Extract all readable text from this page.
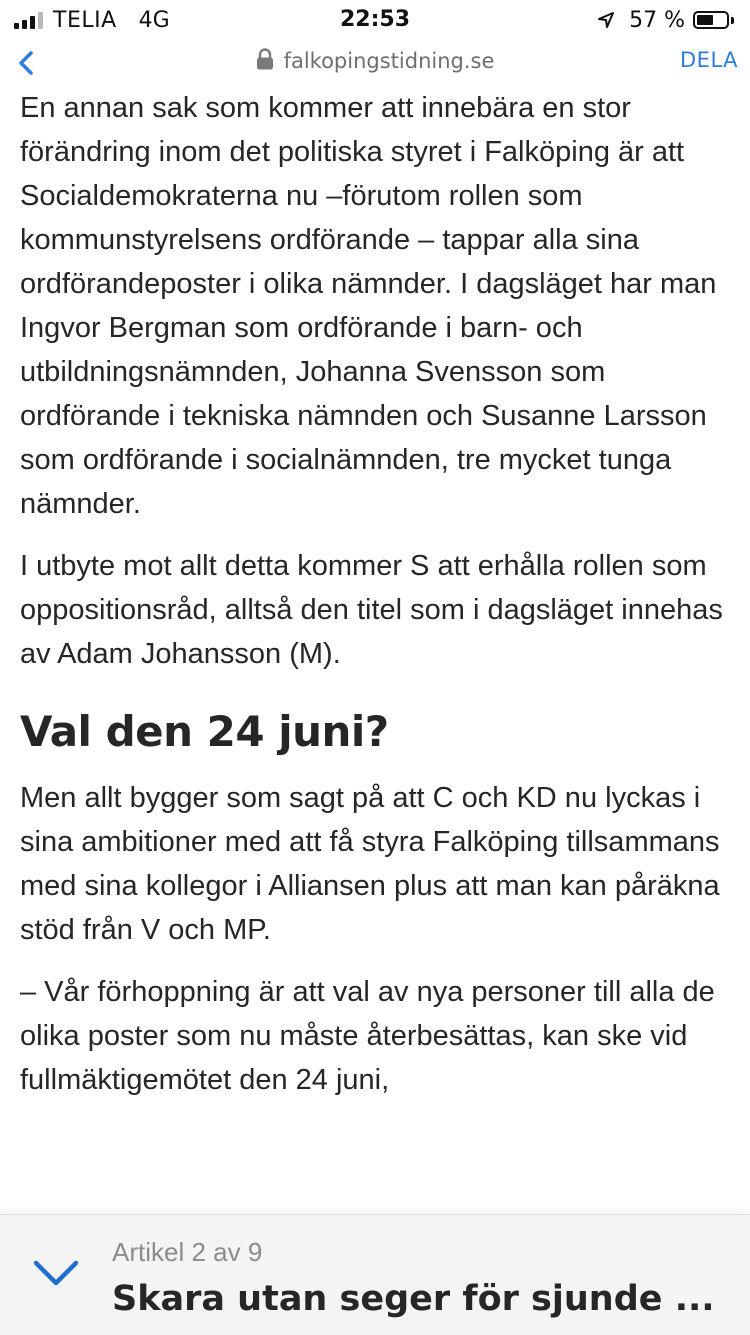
TELIA 4G	22:53	57 %
falkopingstidning.se	DELA

En annan sak som kommer att innebära en stor förändring inom det politiska styret i Falköping är att Socialdemokraterna nu –förutom rollen som kommunstyrelsens ordförande – tappar alla sina ordförandeposter i olika nämnder. I dagsläget har man Ingvor Bergman som ordförande i barn- och utbildningsnämnden, Johanna Svensson som ordförande i tekniska nämnden och Susanne Larsson som ordförande i socialnämnden, tre mycket tunga nämnder.

I utbyte mot allt detta kommer S att erhålla rollen som oppositionsråd, alltså den titel som i dagsläget innehas av Adam Johansson (M).

Val den 24 juni?

Men allt bygger som sagt på att C och KD nu lyckas i sina ambitioner med att få styra Falköping tillsammans med sina kollegor i Alliansen plus att man kan påräkna stöd från V och MP.

– Vår förhoppning är att val av nya personer till alla de olika poster som nu måste återbesättas, kan ske vid fullmäktigemötet den 24 juni,

Artikel 2 av 9
Skara utan seger för sjunde ...
